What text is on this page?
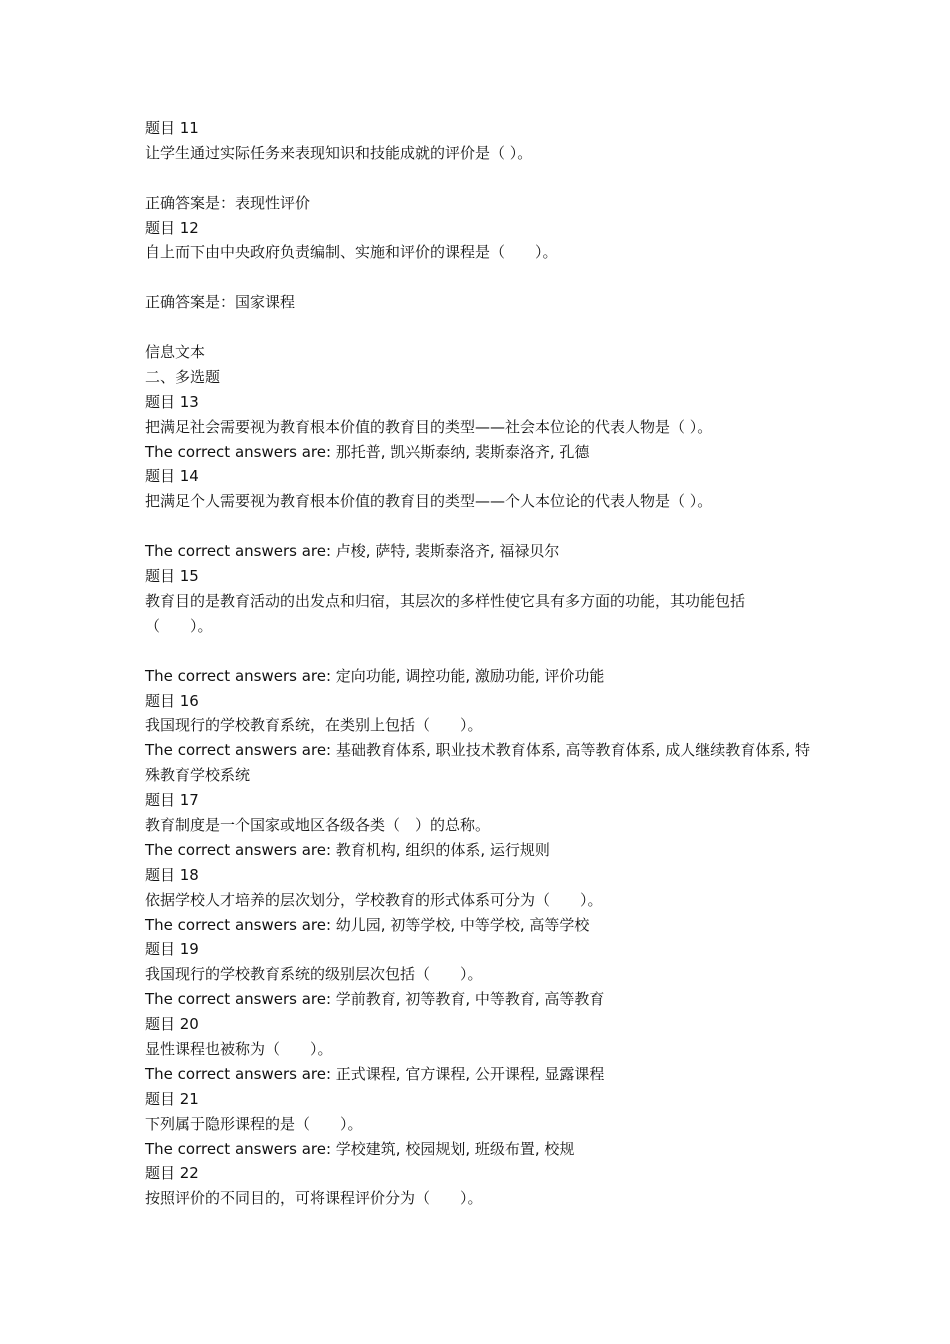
题目 11
让学生通过实际任务来表现知识和技能成就的评价是（ ）。
正确答案是：表现性评价
题目 12
自上而下由中央政府负责编制、实施和评价的课程是（　　）。
正确答案是：国家课程
信息文本
二、多选题
题目 13
把满足社会需要视为教育根本价值的教育目的类型——社会本位论的代表人物是（ ）。
The correct answers are: 那托普, 凯兴斯泰纳, 裴斯泰洛齐, 孔德
题目 14
把满足个人需要视为教育根本价值的教育目的类型——个人本位论的代表人物是（ ）。
The correct answers are: 卢梭, 萨特, 裴斯泰洛齐, 福禄贝尔
题目 15
教育目的是教育活动的出发点和归宿，其层次的多样性使它具有多方面的功能，其功能包括（　　）。
The correct answers are: 定向功能, 调控功能, 激励功能, 评价功能
题目 16
我国现行的学校教育系统，在类别上包括（　　）。
The correct answers are: 基础教育体系, 职业技术教育体系, 高等教育体系, 成人继续教育体系, 特殊教育学校系统
题目 17
教育制度是一个国家或地区各级各类（　）的总称。
The correct answers are: 教育机构, 组织的体系, 运行规则
题目 18
依据学校人才培养的层次划分，学校教育的形式体系可分为（　　）。
The correct answers are: 幼儿园, 初等学校, 中等学校, 高等学校
题目 19
我国现行的学校教育系统的级别层次包括（　　）。
The correct answers are: 学前教育, 初等教育, 中等教育, 高等教育
题目 20
显性课程也被称为（　　）。
The correct answers are: 正式课程, 官方课程, 公开课程, 显露课程
题目 21
下列属于隐形课程的是（　　）。
The correct answers are: 学校建筑, 校园规划, 班级布置, 校规
题目 22
按照评价的不同目的，可将课程评价分为（　　）。
